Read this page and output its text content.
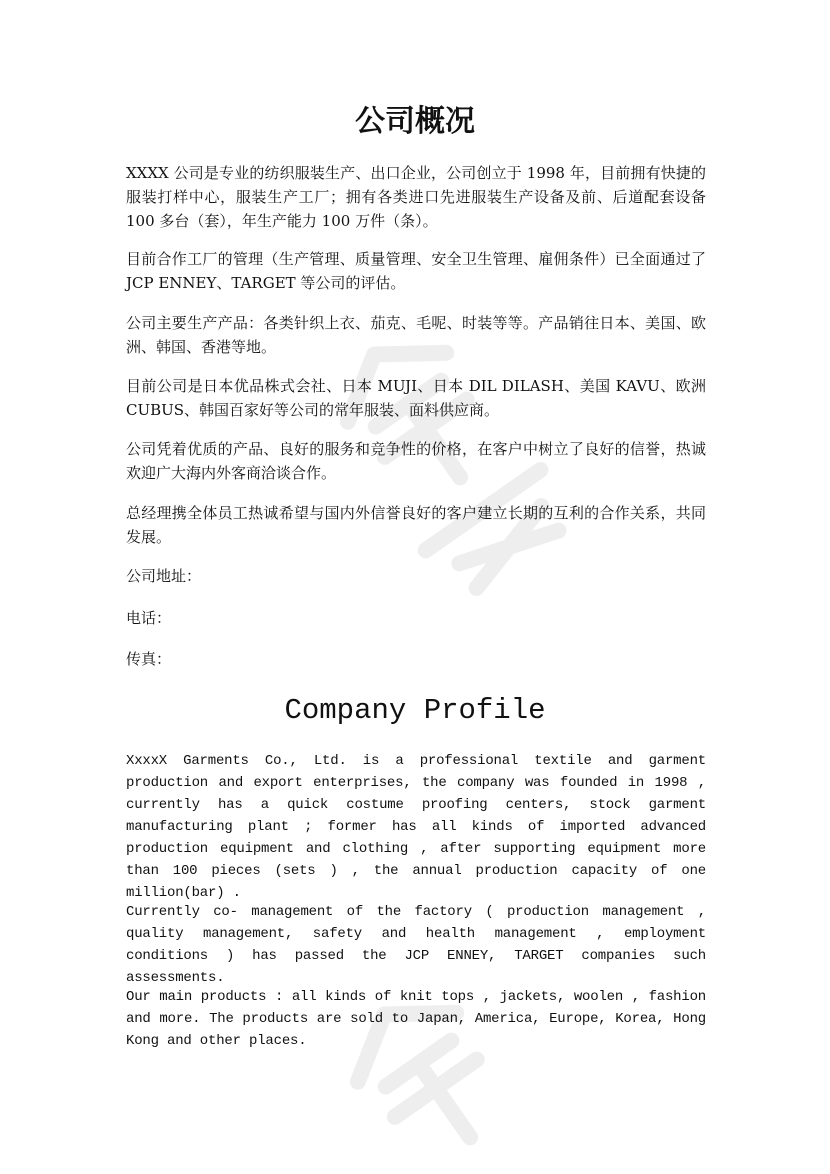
公司概况

XXXX 公司是专业的纺织服装生产、出口企业，公司创立于 1998 年，目前拥有快捷的服装打样中心，服装生产工厂；拥有各类进口先进服装生产设备及前、后道配套设备 100 多台（套），年生产能力 100 万件（条）。

目前合作工厂的管理（生产管理、质量管理、安全卫生管理、雇佣条件）已全面通过了 JCP ENNEY、TARGET 等公司的评估。

公司主要生产产品：各类针织上衣、茄克、毛呢、时装等等。产品销往日本、美国、欧洲、韩国、香港等地。

目前公司是日本优品株式会社、日本 MUJI、日本 DIL DILASH、美国 KAVU、欧洲 CUBUS、韩国百家好等公司的常年服装、面料供应商。

公司凭着优质的产品、良好的服务和竞争性的价格，在客户中树立了良好的信誉，热诚欢迎广大海内外客商洽谈合作。

总经理携全体员工热诚希望与国内外信誉良好的客户建立长期的互利的合作关系，共同发展。

公司地址：

电话：

传真：

Company Profile

XxxxX Garments Co., Ltd. is a professional textile and garment production and export enterprises, the company was founded in 1998 , currently has a quick costume proofing centers, stock garment manufacturing plant ; former has all kinds of imported advanced production equipment and clothing , after supporting equipment more than 100 pieces (sets ) , the annual production capacity of one million(bar) .

Currently co- management of the factory ( production management , quality management, safety and health management , employment conditions ) has passed the JCP ENNEY, TARGET companies such assessments.

Our main products : all kinds of knit tops , jackets, woolen , fashion and more. The products are sold to Japan, America, Europe, Korea, Hong Kong and other places.
